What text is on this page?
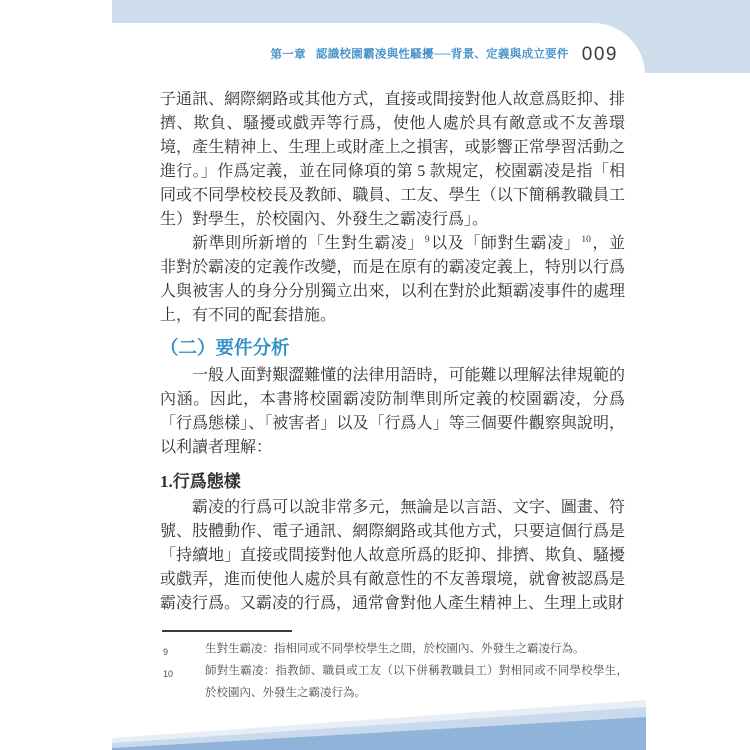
第一章 認識校園霸凌與性騷擾──背景、定義與成立要件 009

子通訊、網際網路或其他方式，直接或間接對他人故意爲貶抑、排擠、欺負、騷擾或戲弄等行爲，使他人處於具有敵意或不友善環境，產生精神上、生理上或財產上之損害，或影響正常學習活動之進行。」作爲定義，並在同條項的第 5 款規定，校園霸凌是指「相同或不同學校校長及教師、職員、工友、學生（以下簡稱教職員工生）對學生，於校園內、外發生之霸凌行爲」。

新準則所新增的「生對生霸凌」$^9$以及「師對生霸凌」$^{10}$，並非對於霸凌的定義作改變，而是在原有的霸凌定義上，特別以行爲人與被害人的身分分別獨立出來，以利在對於此類霸凌事件的處理上，有不同的配套措施。

（二）要件分析

一般人面對艱澀難懂的法律用語時，可能難以理解法律規範的內涵。因此，本書將校園霸凌防制準則所定義的校園霸凌，分爲「行爲態樣」、「被害者」以及「行爲人」等三個要件觀察與說明，以利讀者理解：

1.行爲態樣

霸凌的行爲可以說非常多元，無論是以言語、文字、圖畫、符號、肢體動作、電子通訊、網際網路或其他方式，只要這個行爲是「持續地」直接或間接對他人故意所爲的貶抑、排擠、欺負、騷擾或戲弄，進而使他人處於具有敵意性的不友善環境，就會被認爲是霸凌行爲。又霸凌的行爲，通常會對他人產生精神上、生理上或財

9	生對生霸凌：指相同或不同學校學生之間，於校園內、外發生之霸凌行為。
10	師對生霸凌：指教師、職員或工友（以下併稱教職員工）對相同或不同學校學生，於校園內、外發生之霸凌行為。
